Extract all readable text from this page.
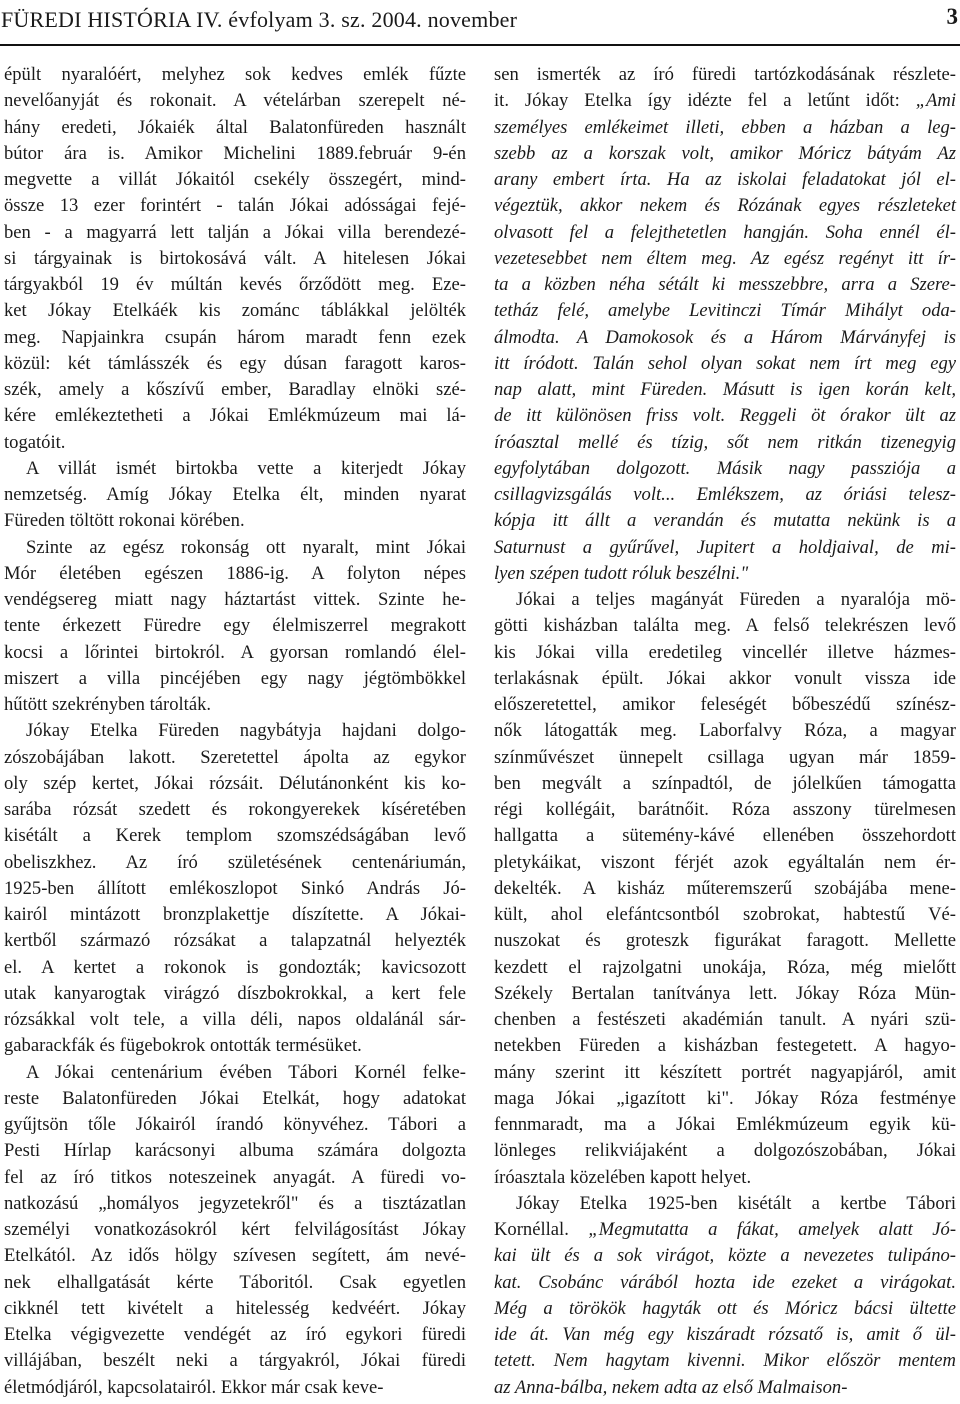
FÜREDI HISTÓRIA IV. évfolyam 3. sz. 2004. november	3
épült nyaralóért, melyhez sok kedves emlék fűzte
nevelőanyját és rokonait. A vételárban szerepelt né-
hány eredeti, Jókaiék által Balatonfüreden használt
bútor ára is. Amikor Michelini 1889.február 9-én
megvette a villát Jókaitól csekély összegért, mind-
össze 13 ezer forintért - talán Jókai adósságai fejé-
ben - a magyarrá lett talján a Jókai villa berendezé-
si tárgyainak is birtokosává vált. A hitelesen Jókai
tárgyakból 19 év múltán kevés őrződött meg. Eze-
ket Jókay Etelkáék kis zománc táblákkal jelölték
meg. Napjainkra csupán három maradt fenn ezek
közül: két támlásszék és egy dúsan faragott karos-
szék, amely a kőszívű ember, Baradlay elnöki szé-
kére emlékeztetheti a Jókai Emlékmúzeum mai lá-
togatóit.
A villát ismét birtokba vette a kiterjedt Jókay
nemzetség. Amíg Jókay Etelka élt, minden nyarat
Füreden töltött rokonai körében.
Szinte az egész rokonság ott nyaralt, mint Jókai
Mór életében egészen 1886-ig. A folyton népes
vendégsereg miatt nagy háztartást vittek. Szinte he-
tente érkezett Füredre egy élelmiszerrel megrakott
kocsi a lőrintei birtokról. A gyorsan romlandó élel-
miszert a villa pincéjében egy nagy jégtömbökkel
hűtött szekrényben tárolták.
Jókay Etelka Füreden nagybátyja hajdani dolgo-
zószobájában lakott. Szeretettel ápolta az egykor
oly szép kertet, Jókai rózsáit. Délutánonként kis ko-
sarába rózsát szedett és rokongyerekek kíséretében
kisétált a Kerek templom szomszédságában levő
obeliszkhez. Az író születésének centenáriumán,
1925-ben állított emlékoszlopot Sinkó András Jó-
kairól mintázott bronzplakettje díszítette. A Jókai-
kertből származó rózsákat a talapzatnál helyezték
el. A kertet a rokonok is gondozták; kavicsozott
utak kanyarogtak virágzó díszbokrokkal, a kert fele
rózsákkal volt tele, a villa déli, napos oldalánál sár-
gabarackfák és fügebokrok ontották termésüket.
A Jókai centenárium évében Tábori Kornél felke-
reste Balatonfüreden Jókai Etelkát, hogy adatokat
gyűjtsön tőle Jókairól írandó könyvéhez. Tábori a
Pesti Hírlap karácsonyi albuma számára dolgozta
fel az író titkos noteszeinek anyagát. A füredi vo-
natkozású „homályos jegyzetekről" és a tisztázatlan
személyi vonatkozásokról kért felvilágosítást Jókay
Etelkától. Az idős hölgy szívesen segített, ám nevé-
nek elhallgatását kérte Táboritól. Csak egyetlen
cikknél tett kivételt a hitelesség kedvéért. Jókay
Etelka végigvezette vendégét az író egykori füredi
villájában, beszélt neki a tárgyakról, Jókai füredi
életmódjáról, kapcsolatairól. Ekkor már csak keve-
sen ismerték az író füredi tartózkodásának részlete-
it. Jókay Etelka így idézte fel a letűnt időt: „Ami
személyes emlékeimet illeti, ebben a házban a leg-
szebb az a korszak volt, amikor Móricz bátyám Az
arany embert írta. Ha az iskolai feladatokat jól el-
végeztük, akkor nekem és Rózának egyes részleteket
olvasott fel a felejthetetlen hangján. Soha ennél él-
vezetesebbet nem éltem meg. Az egész regényt itt ír-
ta a közben néha sétált ki messzebbre, arra a Szere-
tetház felé, amelybe Levitinczi Tímár Mihályt oda-
álmodta. A Damokosok és a Három Márványfej is
itt íródott. Talán sehol olyan sokat nem írt meg egy
nap alatt, mint Füreden. Másutt is igen korán kelt,
de itt különösen friss volt. Reggeli öt órakor ült az
íróasztal mellé és tízig, sőt nem ritkán tizenegyig
egyfolytában dolgozott. Másik nagy passziója a
csillagvizsgálás volt... Emlékszem, az óriási telesz-
kópja itt állt a verandán és mutatta nekünk is a
Saturnust a gyűrűvel, Jupitert a holdjaival, de mi-
lyen szépen tudott róluk beszélni."
Jókai a teljes magányát Füreden a nyaralója mö-
götti kisházban találta meg. A felső telekrészen levő
kis Jókai villa eredetileg vincellér illetve házmes-
terlakásnak épült. Jókai akkor vonult vissza ide
előszeretettel, amikor feleségét bőbeszédű színész-
nők látogatták meg. Laborfalvy Róza, a magyar
színművészet ünnepelt csillaga ugyan már 1859-
ben megvált a színpadtól, de jólelkűen támogatta
régi kollégáit, barátnőit. Róza asszony türelmesen
hallgatta a sütemény-kávé ellenében összehordott
pletykáikat, viszont férjét azok egyáltalán nem ér-
dekelték. A kisház műteremszerű szobájába mene-
kült, ahol elefántcsontból szobrokat, habtestű Vé-
nuszokat és groteszk figurákat faragott. Mellette
kezdett el rajzolgatni unokája, Róza, még mielőtt
Székely Bertalan tanítványa lett. Jókay Róza Mün-
chenben a festészeti akadémián tanult. A nyári szü-
netekben Füreden a kisházban festegetett. A hagyo-
mány szerint itt készített portrét nagyapjáról, amit
maga Jókai „igazított ki". Jókay Róza festménye
fennmaradt, ma a Jókai Emlékmúzeum egyik kü-
lönleges relikviájaként a dolgozószobában, Jókai
íróasztala közelében kapott helyet.
Jókay Etelka 1925-ben kisétált a kertbe Tábori
Kornéllal. „Megmutatta a fákat, amelyek alatt Jó-
kai ült és a sok virágot, közte a nevezetes tulipáno-
kat. Csobánc várából hozta ide ezeket a virágokat.
Még a törökök hagyták ott és Móricz bácsi ültette
ide át. Van még egy kiszáradt rózsatő is, amit ő ül-
tetett. Nem hagytam kivenni. Mikor először mentem
az Anna-bálba, nekem adta az első Malmaison-
